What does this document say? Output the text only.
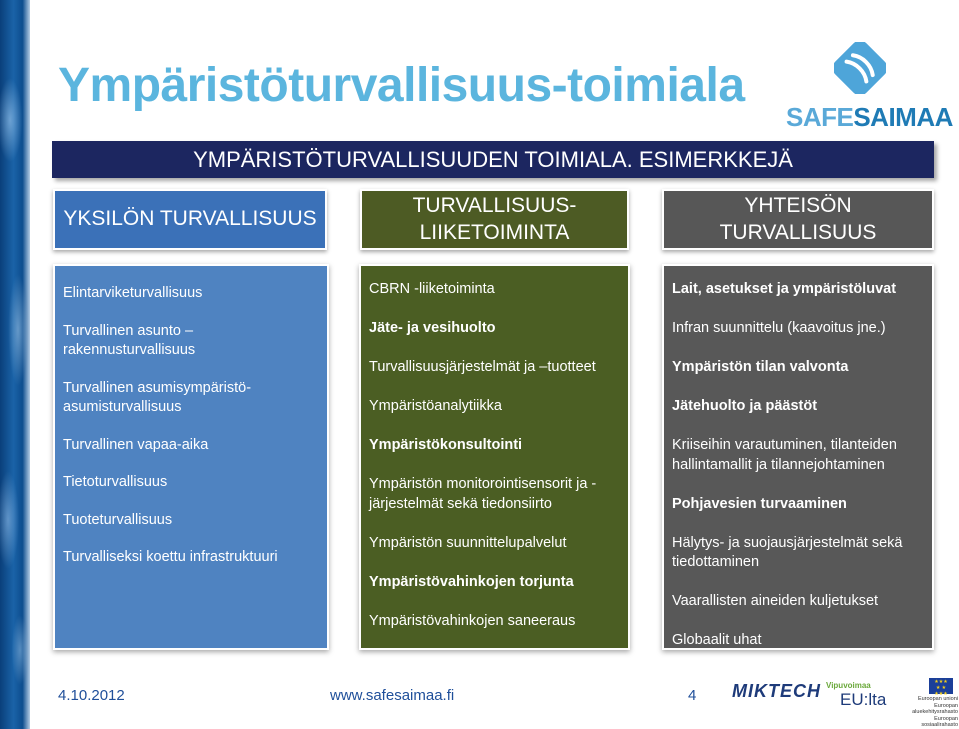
Ympäristöturvallisuus-toimiala
SAFESAIMAA
YMPÄRISTÖTURVALLISUUDEN TOIMIALA. ESIMERKKEJÄ
YKSILÖN TURVALLISUUS
TURVALLISUUS-LIIKETOIMINTA
YHTEISÖN TURVALLISUUS
Elintarviketurvallisuus
Turvallinen asunto – rakennusturvallisuus
Turvallinen asumisympäristö-asumisturvallisuus
Turvallinen vapaa-aika
Tietoturvallisuus
Tuoteturvallisuus
Turvalliseksi koettu infrastruktuuri
CBRN -liiketoiminta
Jäte- ja vesihuolto
Turvallisuusjärjestelmät ja –tuotteet
Ympäristöanalytiikka
Ympäristökonsultointi
Ympäristön monitorointisensorit ja -järjestelmät sekä tiedonsiirto
Ympäristön suunnittelupalvelut
Ympäristövahinkojen torjunta
Ympäristövahinkojen saneeraus
Lait, asetukset ja ympäristöluvat
Infran suunnittelu (kaavoitus jne.)
Ympäristön tilan valvonta
Jätehuolto ja päästöt
Kriiseihin varautuminen, tilanteiden hallintamallit ja tilannejohtaminen
Pohjavesien turvaaminen
Hälytys- ja suojausjärjestelmät sekä tiedottaminen
Vaarallisten aineiden kuljetukset
Globaalit uhat
4.10.2012	www.safesaimaa.fi	4 MIKTECH Vipuvoimaa
EU:lta
★★★
★ ★
★★★
Euroopan unioni Euroopan aluekehitysrahasto Euroopan sosiaalirahasto
